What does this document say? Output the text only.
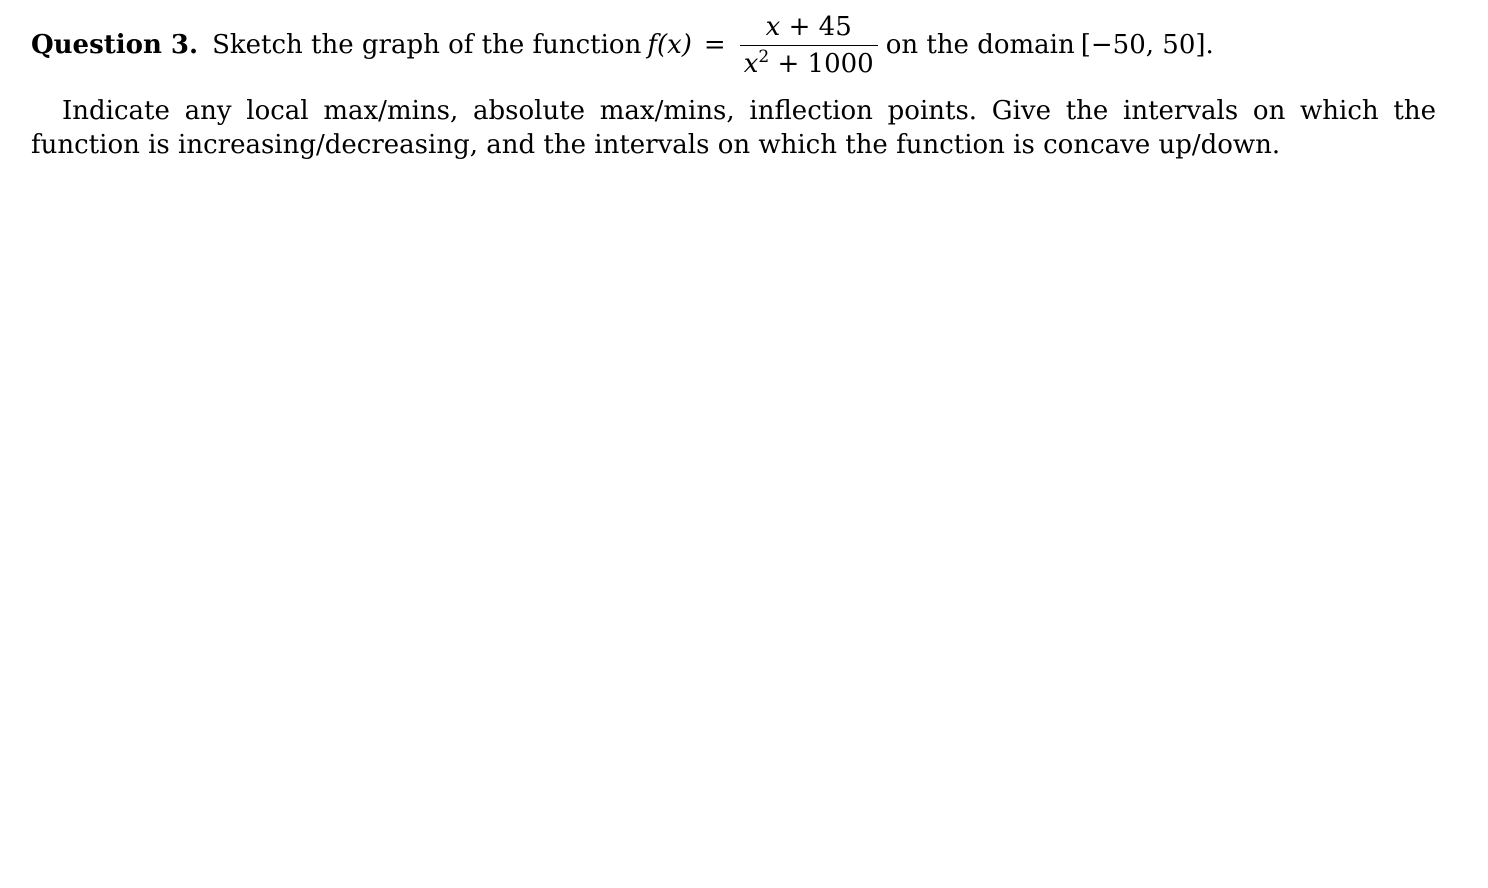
Question 3. Sketch the graph of the function $f(x) = \frac{x + 45}{x^2 + 1000}$ on the domain [−50, 50].
Indicate any local max/mins, absolute max/mins, inflection points. Give the intervals on which the function is increasing/decreasing, and the intervals on which the function is concave up/down.
